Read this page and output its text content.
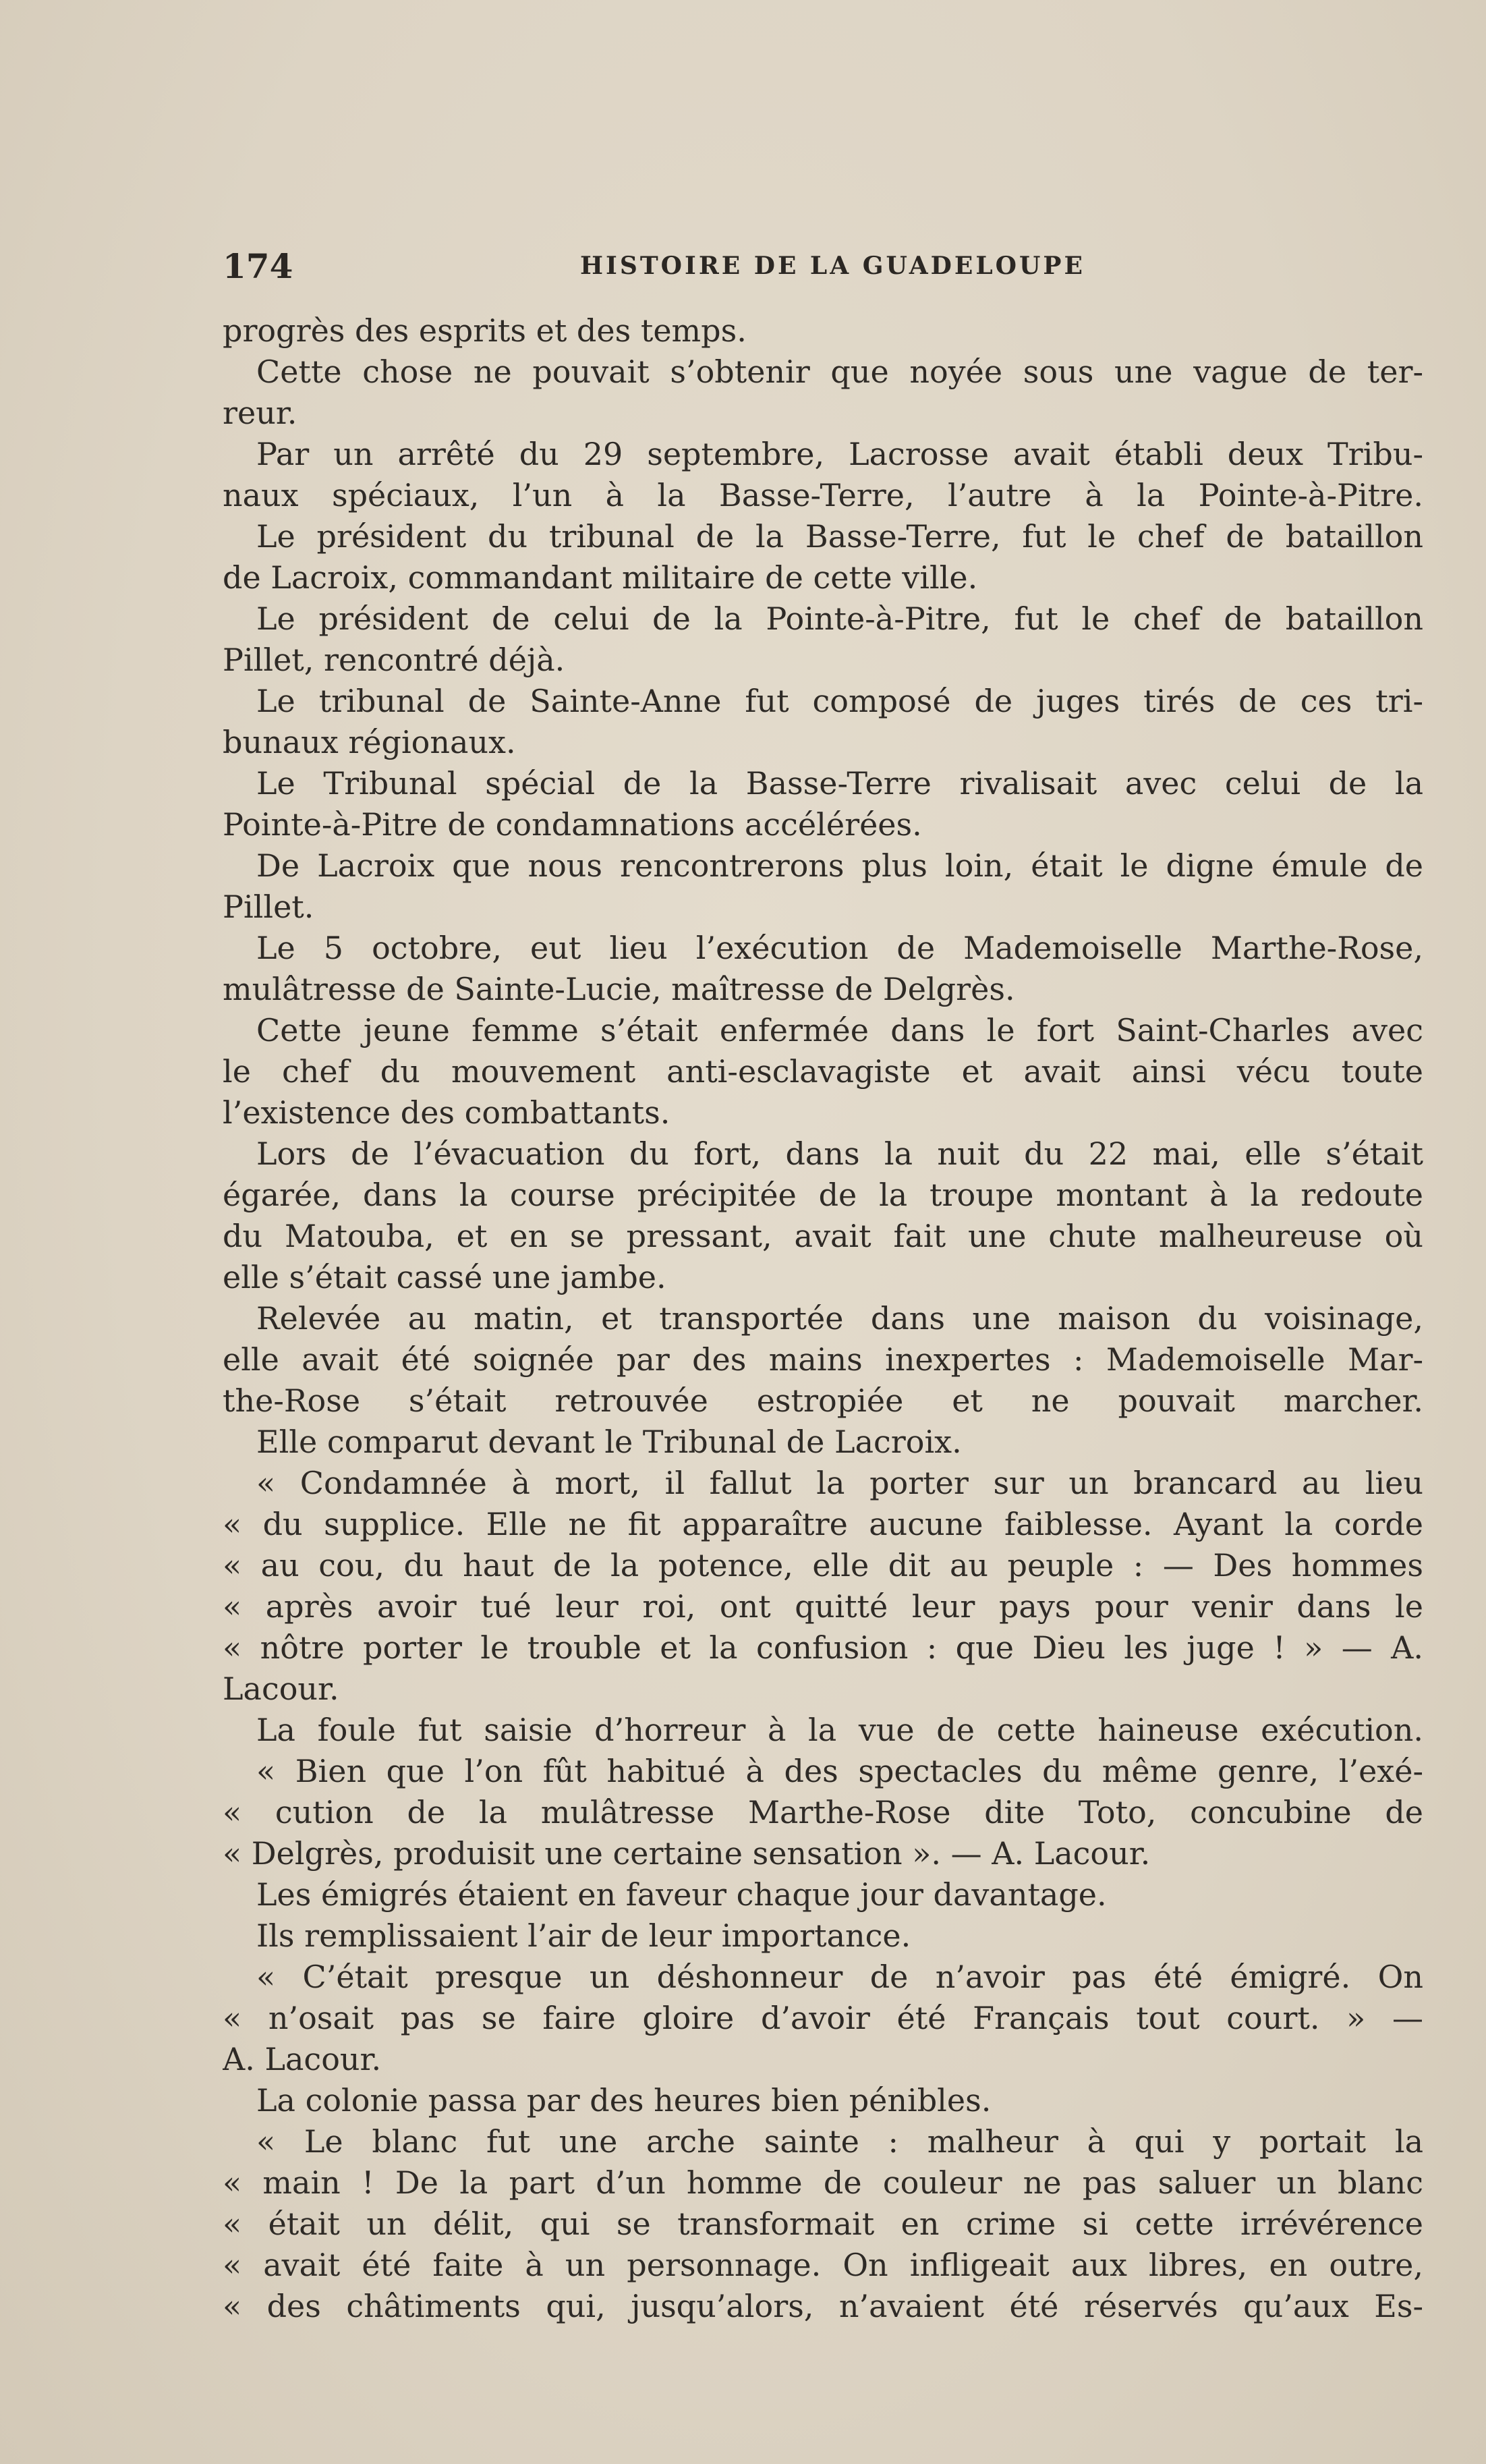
174	HISTOIRE DE LA GUADELOUPE
progrès des esprits et des temps.
Cette chose ne pouvait s’obtenir que noyée sous une vague de ter-
reur.
Par un arrêté du 29 septembre, Lacrosse avait établi deux Tribu-
naux spéciaux, l’un à la Basse-Terre, l’autre à la Pointe-à-Pitre.
Le président du tribunal de la Basse-Terre, fut le chef de bataillon
de Lacroix, commandant militaire de cette ville.
Le président de celui de la Pointe-à-Pitre, fut le chef de bataillon
Pillet, rencontré déjà.
Le tribunal de Sainte-Anne fut composé de juges tirés de ces tri-
bunaux régionaux.
Le Tribunal spécial de la Basse-Terre rivalisait avec celui de la
Pointe-à-Pitre de condamnations accélérées.
De Lacroix que nous rencontrerons plus loin, était le digne émule de
Pillet.
Le 5 octobre, eut lieu l’exécution de Mademoiselle Marthe-Rose,
mulâtresse de Sainte-Lucie, maîtresse de Delgrès.
Cette jeune femme s’était enfermée dans le fort Saint-Charles avec
le chef du mouvement anti-esclavagiste et avait ainsi vécu toute
l’existence des combattants.
Lors de l’évacuation du fort, dans la nuit du 22 mai, elle s’était
égarée, dans la course précipitée de la troupe montant à la redoute
du Matouba, et en se pressant, avait fait une chute malheureuse où
elle s’était cassé une jambe.
Relevée au matin, et transportée dans une maison du voisinage,
elle avait été soignée par des mains inexpertes : Mademoiselle Mar-
the-Rose s’était retrouvée estropiée et ne pouvait marcher.
Elle comparut devant le Tribunal de Lacroix.
« Condamnée à mort, il fallut la porter sur un brancard au lieu
« du supplice. Elle ne fit apparaître aucune faiblesse. Ayant la corde
« au cou, du haut de la potence, elle dit au peuple : — Des hommes
« après avoir tué leur roi, ont quitté leur pays pour venir dans le
« nôtre porter le trouble et la confusion : que Dieu les juge ! » — A.
Lacour.
La foule fut saisie d’horreur à la vue de cette haineuse exécution.
« Bien que l’on fût habitué à des spectacles du même genre, l’exé-
« cution de la mulâtresse Marthe-Rose dite Toto, concubine de
« Delgrès, produisit une certaine sensation ». — A. Lacour.
Les émigrés étaient en faveur chaque jour davantage.
Ils remplissaient l’air de leur importance.
« C’était presque un déshonneur de n’avoir pas été émigré. On
« n’osait pas se faire gloire d’avoir été Français tout court. » —
A. Lacour.
La colonie passa par des heures bien pénibles.
« Le blanc fut une arche sainte : malheur à qui y portait la
« main ! De la part d’un homme de couleur ne pas saluer un blanc
« était un délit, qui se transformait en crime si cette irrévérence
« avait été faite à un personnage. On infligeait aux libres, en outre,
« des châtiments qui, jusqu’alors, n’avaient été réservés qu’aux Es-
